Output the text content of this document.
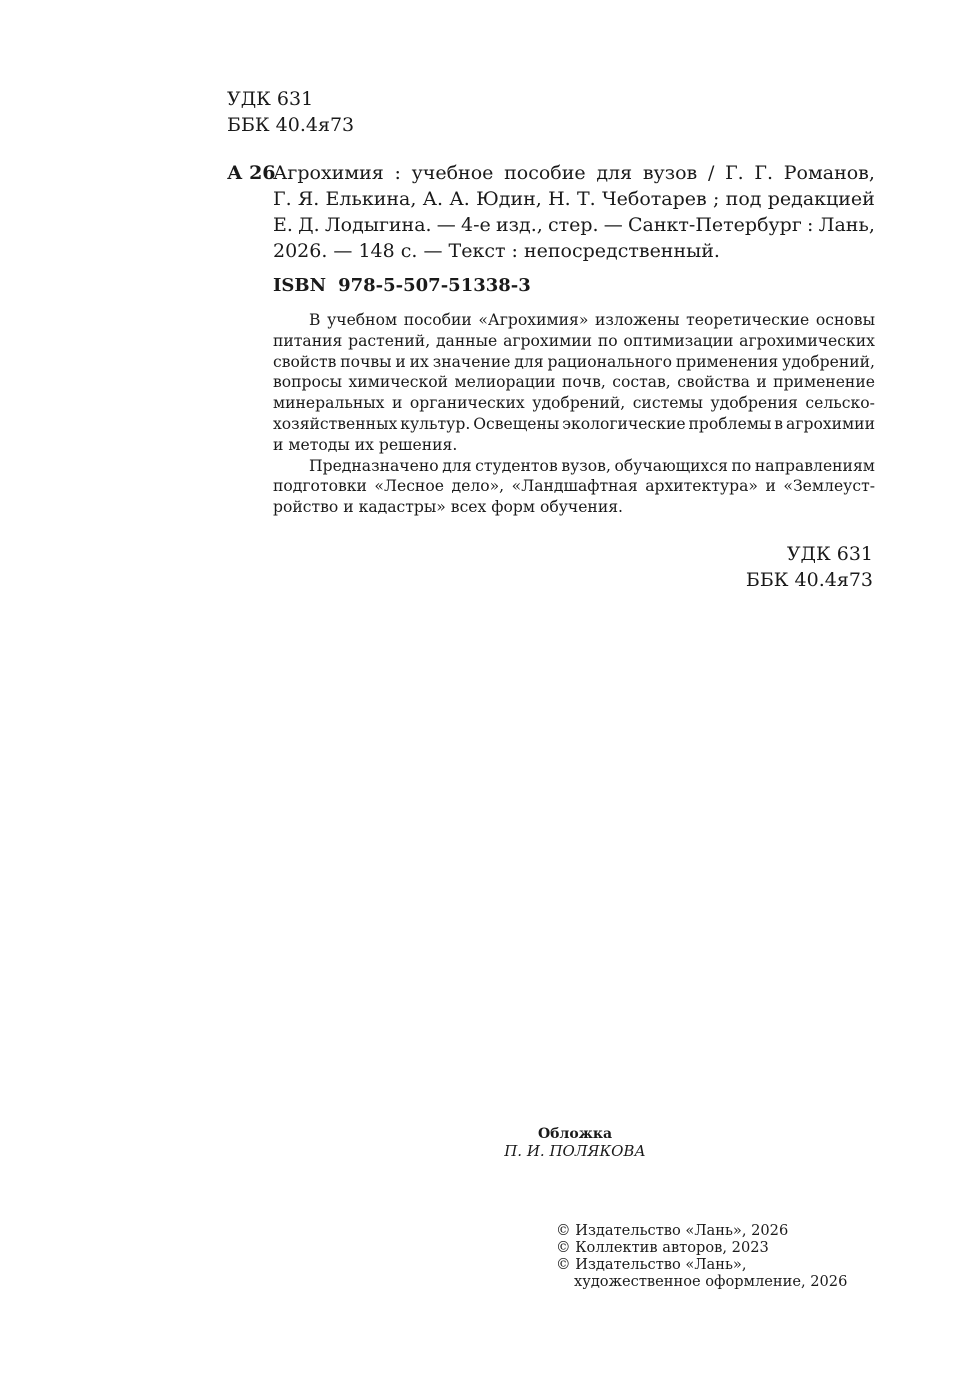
УДК 631
ББК 40.4я73
А 26
Агрохимия : учебное пособие для вузов / Г. Г. Романов,
Г. Я. Елькина, А. А. Юдин, Н. Т. Чеботарев ; под редакцией
Е. Д. Лодыгина. — 4-е изд., стер. — Санкт-Петербург : Лань,
2026. — 148 с. — Текст : непосредственный.
ISBN 978-5-507-51338-3
В учебном пособии «Агрохимия» изложены теоретические основы
питания растений, данные агрохимии по оптимизации агрохимических
свойств почвы и их значение для рационального применения удобрений,
вопросы химической мелиорации почв, состав, свойства и применение
минеральных и органических удобрений, системы удобрения сельско-
хозяйственных культур. Освещены экологические проблемы в агрохимии
и методы их решения.
Предназначено для студентов вузов, обучающихся по направлениям
подготовки «Лесное дело», «Ландшафтная архитектура» и «Землеуст-
ройство и кадастры» всех форм обучения.
УДК 631
ББК 40.4я73
Обложка
П. И. ПОЛЯКОВА
© Издательство «Лань», 2026
© Коллектив авторов, 2023
© Издательство «Лань»,
художественное оформление, 2026
